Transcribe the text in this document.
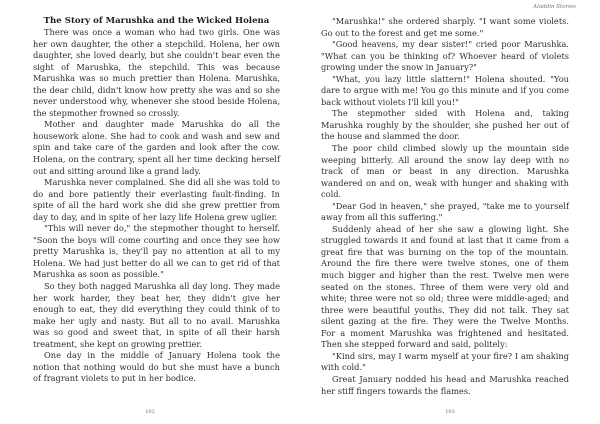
The Story of Marushka and the Wicked Holena

There was once a woman who had two girls. One was her own daughter, the other a stepchild. Holena, her own daughter, she loved dearly, but she couldn't bear even the sight of Marushka, the stepchild. This was because Marushka was so much prettier than Holena. Marushka, the dear child, didn't know how pretty she was and so she never understood why, whenever she stood beside Holena, the stepmother frowned so crossly.

Mother and daughter made Marushka do all the housework alone. She had to cook and wash and sew and spin and take care of the garden and look after the cow. Holena, on the contrary, spent all her time decking herself out and sitting around like a grand lady.

Marushka never complained. She did all she was told to do and bore patiently their everlasting fault-finding. In spite of all the hard work she did she grew prettier from day to day, and in spite of her lazy life Holena grew uglier.

"This will never do," the stepmother thought to herself. "Soon the boys will come courting and once they see how pretty Marushka is, they'll pay no attention at all to my Holena. We had just better do all we can to get rid of that Marushka as soon as possible."

So they both nagged Marushka all day long. They made her work harder, they beat her, they didn't give her enough to eat, they did everything they could think of to make her ugly and nasty. But all to no avail. Marushka was so good and sweet that, in spite of all their harsh treatment, she kept on growing prettier.

One day in the middle of January Holena took the notion that nothing would do but she must have a bunch of fragrant violets to put in her bodice.

102
Aladdin Stories

"Marushka!" she ordered sharply. "I want some violets. Go out to the forest and get me some."

"Good heavens, my dear sister!" cried poor Marushka. "What can you be thinking of? Whoever heard of violets growing under the snow in January?"

"What, you lazy little slattern!" Holena shouted. "You dare to argue with me! You go this minute and if you come back without violets I'll kill you!"

The stepmother sided with Holena and, taking Marushka roughly by the shoulder, she pushed her out of the house and slammed the door.

The poor child climbed slowly up the mountain side weeping bitterly. All around the snow lay deep with no track of man or beast in any direction. Marushka wandered on and on, weak with hunger and shaking with cold.

"Dear God in heaven," she prayed, "take me to yourself away from all this suffering."

Suddenly ahead of her she saw a glowing light. She struggled towards it and found at last that it came from a great fire that was burning on the top of the mountain. Around the fire there were twelve stones, one of them much bigger and higher than the rest. Twelve men were seated on the stones. Three of them were very old and white; three were not so old; three were middle-aged; and three were beautiful youths. They did not talk. They sat silent gazing at the fire. They were the Twelve Months. For a moment Marushka was frightened and hesitated. Then she stepped forward and said, politely:

"Kind sirs, may I warm myself at your fire? I am shaking with cold."

Great January nodded his head and Marushka reached her stiff fingers towards the flames.

103
